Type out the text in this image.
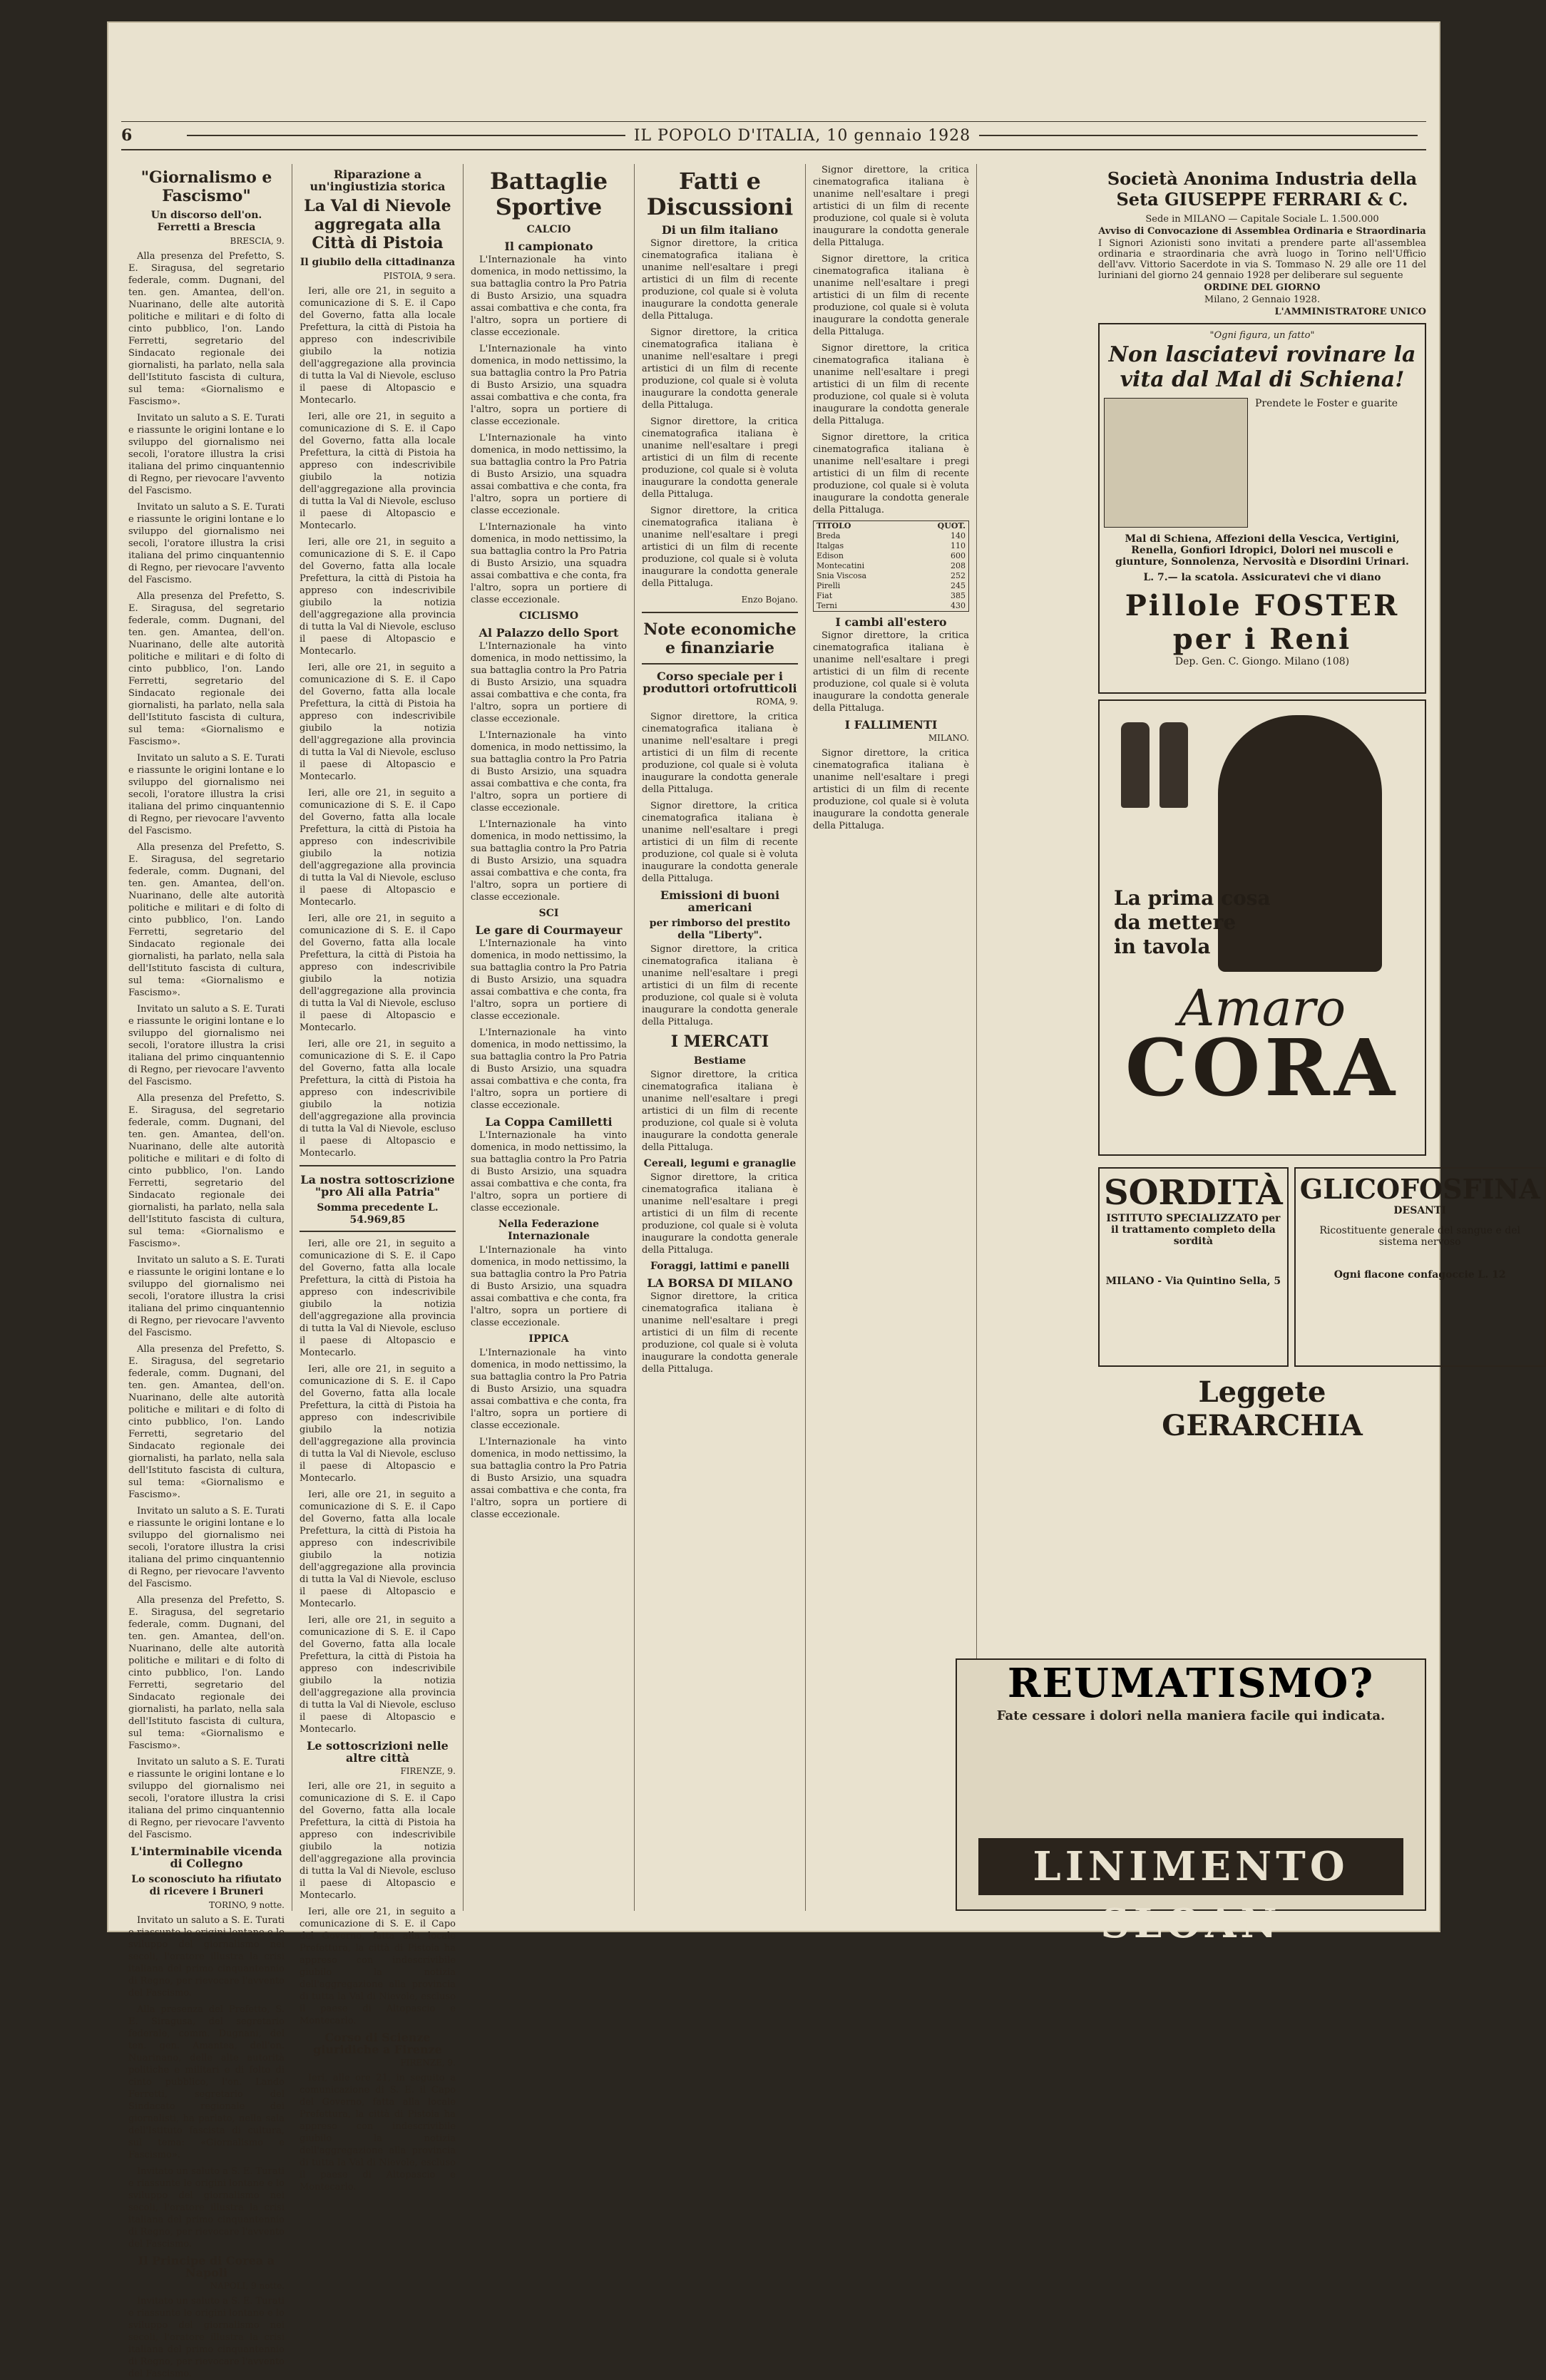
6	IL POPOLO D'ITALIA, 10 gennaio 1928
"Giornalismo e Fascismo"
Un discorso dell'on. Ferretti a Brescia
BRESCIA, 9.

Alla presenza del Prefetto, S. E. Siragusa, del segretario federale, comm. Dugnani, del ten. gen. Amantea, dell'on. Nuarinano, delle alte autorità politiche e militari e di folto di cinto pubblico, l'on. Lando Ferretti, segretario del Sindacato regionale dei giornalisti, ha parlato, nella sala dell'Istituto fascista di cultura, sul tema: «Giornalismo e Fascismo».

Invitato un saluto a S. E. Turati e riassunte le origini lontane e lo sviluppo del giornalismo nei secoli, l'oratore illustra la crisi italiana del primo cinquantennio di Regno, per rievocare l'avvento del Fascismo.

Invitato un saluto a S. E. Turati e riassunte le origini lontane e lo sviluppo del giornalismo nei secoli, l'oratore illustra la crisi italiana del primo cinquantennio di Regno, per rievocare l'avvento del Fascismo.

Alla presenza del Prefetto, S. E. Siragusa, del segretario federale, comm. Dugnani, del ten. gen. Amantea, dell'on. Nuarinano, delle alte autorità politiche e militari e di folto di cinto pubblico, l'on. Lando Ferretti, segretario del Sindacato regionale dei giornalisti, ha parlato, nella sala dell'Istituto fascista di cultura, sul tema: «Giornalismo e Fascismo».

Invitato un saluto a S. E. Turati e riassunte le origini lontane e lo sviluppo del giornalismo nei secoli, l'oratore illustra la crisi italiana del primo cinquantennio di Regno, per rievocare l'avvento del Fascismo.

Alla presenza del Prefetto, S. E. Siragusa, del segretario federale, comm. Dugnani, del ten. gen. Amantea, dell'on. Nuarinano, delle alte autorità politiche e militari e di folto di cinto pubblico, l'on. Lando Ferretti, segretario del Sindacato regionale dei giornalisti, ha parlato, nella sala dell'Istituto fascista di cultura, sul tema: «Giornalismo e Fascismo».

Invitato un saluto a S. E. Turati e riassunte le origini lontane e lo sviluppo del giornalismo nei secoli, l'oratore illustra la crisi italiana del primo cinquantennio di Regno, per rievocare l'avvento del Fascismo.

Alla presenza del Prefetto, S. E. Siragusa, del segretario federale, comm. Dugnani, del ten. gen. Amantea, dell'on. Nuarinano, delle alte autorità politiche e militari e di folto di cinto pubblico, l'on. Lando Ferretti, segretario del Sindacato regionale dei giornalisti, ha parlato, nella sala dell'Istituto fascista di cultura, sul tema: «Giornalismo e Fascismo».

Invitato un saluto a S. E. Turati e riassunte le origini lontane e lo sviluppo del giornalismo nei secoli, l'oratore illustra la crisi italiana del primo cinquantennio di Regno, per rievocare l'avvento del Fascismo.

Alla presenza del Prefetto, S. E. Siragusa, del segretario federale, comm. Dugnani, del ten. gen. Amantea, dell'on. Nuarinano, delle alte autorità politiche e militari e di folto di cinto pubblico, l'on. Lando Ferretti, segretario del Sindacato regionale dei giornalisti, ha parlato, nella sala dell'Istituto fascista di cultura, sul tema: «Giornalismo e Fascismo».

Invitato un saluto a S. E. Turati e riassunte le origini lontane e lo sviluppo del giornalismo nei secoli, l'oratore illustra la crisi italiana del primo cinquantennio di Regno, per rievocare l'avvento del Fascismo.

Alla presenza del Prefetto, S. E. Siragusa, del segretario federale, comm. Dugnani, del ten. gen. Amantea, dell'on. Nuarinano, delle alte autorità politiche e militari e di folto di cinto pubblico, l'on. Lando Ferretti, segretario del Sindacato regionale dei giornalisti, ha parlato, nella sala dell'Istituto fascista di cultura, sul tema: «Giornalismo e Fascismo».

Invitato un saluto a S. E. Turati e riassunte le origini lontane e lo sviluppo del giornalismo nei secoli, l'oratore illustra la crisi italiana del primo cinquantennio di Regno, per rievocare l'avvento del Fascismo.

L'interminabile vicenda di Collegno
Lo sconosciuto ha rifiutato di ricevere i Bruneri
TORINO, 9 notte.

Invitato un saluto a S. E. Turati e riassunte le origini lontane e lo sviluppo del giornalismo nei secoli, l'oratore illustra la crisi italiana del primo cinquantennio di Regno, per rievocare l'avvento del Fascismo.

Alla presenza del Prefetto, S. E. Siragusa, del segretario federale, comm. Dugnani, del ten. gen. Amantea, dell'on. Nuarinano, delle alte autorità politiche e militari e di folto di cinto pubblico, l'on. Lando Ferretti, segretario del Sindacato regionale dei giornalisti, ha parlato, nella sala dell'Istituto fascista di cultura, sul tema: «Giornalismo e Fascismo».

Invitato un saluto a S. E. Turati e riassunte le origini lontane e lo sviluppo del giornalismo nei secoli, l'oratore illustra la crisi italiana del primo cinquantennio di Regno, per rievocare l'avvento del Fascismo.

Il Principe di Corea a Napoli
NAPOLI, 9 notte.

Invitato un saluto a S. E. Turati e riassunte le origini lontane e lo sviluppo del giornalismo nei secoli, l'oratore illustra la crisi italiana del primo cinquantennio di Regno, per rievocare l'avvento del Fascismo.

Riparazione a un'ingiustizia storica
La Val di Nievole aggregata alla Città di Pistoia
Il giubilo della cittadinanza
PISTOIA, 9 sera.

Ieri, alle ore 21, in seguito a comunicazione di S. E. il Capo del Governo, fatta alla locale Prefettura, la città di Pistoia ha appreso con indescrivibile giubilo la notizia dell'aggregazione alla provincia di tutta la Val di Nievole, escluso il paese di Altopascio e Montecarlo.

Ieri, alle ore 21, in seguito a comunicazione di S. E. il Capo del Governo, fatta alla locale Prefettura, la città di Pistoia ha appreso con indescrivibile giubilo la notizia dell'aggregazione alla provincia di tutta la Val di Nievole, escluso il paese di Altopascio e Montecarlo.

Ieri, alle ore 21, in seguito a comunicazione di S. E. il Capo del Governo, fatta alla locale Prefettura, la città di Pistoia ha appreso con indescrivibile giubilo la notizia dell'aggregazione alla provincia di tutta la Val di Nievole, escluso il paese di Altopascio e Montecarlo.

Ieri, alle ore 21, in seguito a comunicazione di S. E. il Capo del Governo, fatta alla locale Prefettura, la città di Pistoia ha appreso con indescrivibile giubilo la notizia dell'aggregazione alla provincia di tutta la Val di Nievole, escluso il paese di Altopascio e Montecarlo.

Ieri, alle ore 21, in seguito a comunicazione di S. E. il Capo del Governo, fatta alla locale Prefettura, la città di Pistoia ha appreso con indescrivibile giubilo la notizia dell'aggregazione alla provincia di tutta la Val di Nievole, escluso il paese di Altopascio e Montecarlo.

Ieri, alle ore 21, in seguito a comunicazione di S. E. il Capo del Governo, fatta alla locale Prefettura, la città di Pistoia ha appreso con indescrivibile giubilo la notizia dell'aggregazione alla provincia di tutta la Val di Nievole, escluso il paese di Altopascio e Montecarlo.

Ieri, alle ore 21, in seguito a comunicazione di S. E. il Capo del Governo, fatta alla locale Prefettura, la città di Pistoia ha appreso con indescrivibile giubilo la notizia dell'aggregazione alla provincia di tutta la Val di Nievole, escluso il paese di Altopascio e Montecarlo.

La nostra sottoscrizione "pro Ali alla Patria"
Somma precedente L. 54.969,85

Ieri, alle ore 21, in seguito a comunicazione di S. E. il Capo del Governo, fatta alla locale Prefettura, la città di Pistoia ha appreso con indescrivibile giubilo la notizia dell'aggregazione alla provincia di tutta la Val di Nievole, escluso il paese di Altopascio e Montecarlo.

Ieri, alle ore 21, in seguito a comunicazione di S. E. il Capo del Governo, fatta alla locale Prefettura, la città di Pistoia ha appreso con indescrivibile giubilo la notizia dell'aggregazione alla provincia di tutta la Val di Nievole, escluso il paese di Altopascio e Montecarlo.

Ieri, alle ore 21, in seguito a comunicazione di S. E. il Capo del Governo, fatta alla locale Prefettura, la città di Pistoia ha appreso con indescrivibile giubilo la notizia dell'aggregazione alla provincia di tutta la Val di Nievole, escluso il paese di Altopascio e Montecarlo.

Ieri, alle ore 21, in seguito a comunicazione di S. E. il Capo del Governo, fatta alla locale Prefettura, la città di Pistoia ha appreso con indescrivibile giubilo la notizia dell'aggregazione alla provincia di tutta la Val di Nievole, escluso il paese di Altopascio e Montecarlo.

Le sottoscrizioni nelle altre città
FIRENZE, 9.

Ieri, alle ore 21, in seguito a comunicazione di S. E. il Capo del Governo, fatta alla locale Prefettura, la città di Pistoia ha appreso con indescrivibile giubilo la notizia dell'aggregazione alla provincia di tutta la Val di Nievole, escluso il paese di Altopascio e Montecarlo.

Ieri, alle ore 21, in seguito a comunicazione di S. E. il Capo del Governo, fatta alla locale Prefettura, la città di Pistoia ha appreso con indescrivibile giubilo la notizia dell'aggregazione alla provincia di tutta la Val di Nievole, escluso il paese di Altopascio e Montecarlo.

Corso di Scienze giuridiche a Firenze
FIRENZE, 9.

Ieri, alle ore 21, in seguito a comunicazione di S. E. il Capo del Governo, fatta alla locale Prefettura, la città di Pistoia ha appreso con indescrivibile giubilo la notizia dell'aggregazione alla provincia di tutta la Val di Nievole, escluso il paese di Altopascio e Montecarlo.

Battaglie Sportive
CALCIO
Il campionato

L'Internazionale ha vinto domenica, in modo nettissimo, la sua battaglia contro la Pro Patria di Busto Arsizio, una squadra assai combattiva e che conta, fra l'altro, sopra un portiere di classe eccezionale.

L'Internazionale ha vinto domenica, in modo nettissimo, la sua battaglia contro la Pro Patria di Busto Arsizio, una squadra assai combattiva e che conta, fra l'altro, sopra un portiere di classe eccezionale.

L'Internazionale ha vinto domenica, in modo nettissimo, la sua battaglia contro la Pro Patria di Busto Arsizio, una squadra assai combattiva e che conta, fra l'altro, sopra un portiere di classe eccezionale.

L'Internazionale ha vinto domenica, in modo nettissimo, la sua battaglia contro la Pro Patria di Busto Arsizio, una squadra assai combattiva e che conta, fra l'altro, sopra un portiere di classe eccezionale.

CICLISMO
Al Palazzo dello Sport

L'Internazionale ha vinto domenica, in modo nettissimo, la sua battaglia contro la Pro Patria di Busto Arsizio, una squadra assai combattiva e che conta, fra l'altro, sopra un portiere di classe eccezionale.

L'Internazionale ha vinto domenica, in modo nettissimo, la sua battaglia contro la Pro Patria di Busto Arsizio, una squadra assai combattiva e che conta, fra l'altro, sopra un portiere di classe eccezionale.

L'Internazionale ha vinto domenica, in modo nettissimo, la sua battaglia contro la Pro Patria di Busto Arsizio, una squadra assai combattiva e che conta, fra l'altro, sopra un portiere di classe eccezionale.

SCI
Le gare di Courmayeur

L'Internazionale ha vinto domenica, in modo nettissimo, la sua battaglia contro la Pro Patria di Busto Arsizio, una squadra assai combattiva e che conta, fra l'altro, sopra un portiere di classe eccezionale.

L'Internazionale ha vinto domenica, in modo nettissimo, la sua battaglia contro la Pro Patria di Busto Arsizio, una squadra assai combattiva e che conta, fra l'altro, sopra un portiere di classe eccezionale.

La Coppa Camilletti

L'Internazionale ha vinto domenica, in modo nettissimo, la sua battaglia contro la Pro Patria di Busto Arsizio, una squadra assai combattiva e che conta, fra l'altro, sopra un portiere di classe eccezionale.

Nella Federazione Internazionale

L'Internazionale ha vinto domenica, in modo nettissimo, la sua battaglia contro la Pro Patria di Busto Arsizio, una squadra assai combattiva e che conta, fra l'altro, sopra un portiere di classe eccezionale.

IPPICA

L'Internazionale ha vinto domenica, in modo nettissimo, la sua battaglia contro la Pro Patria di Busto Arsizio, una squadra assai combattiva e che conta, fra l'altro, sopra un portiere di classe eccezionale.

L'Internazionale ha vinto domenica, in modo nettissimo, la sua battaglia contro la Pro Patria di Busto Arsizio, una squadra assai combattiva e che conta, fra l'altro, sopra un portiere di classe eccezionale.

Fatti e Discussioni
Di un film italiano

Signor direttore, la critica cinematografica italiana è unanime nell'esaltare i pregi artistici di un film di recente produzione, col quale si è voluta inaugurare la condotta generale della Pittaluga.

Signor direttore, la critica cinematografica italiana è unanime nell'esaltare i pregi artistici di un film di recente produzione, col quale si è voluta inaugurare la condotta generale della Pittaluga.

Signor direttore, la critica cinematografica italiana è unanime nell'esaltare i pregi artistici di un film di recente produzione, col quale si è voluta inaugurare la condotta generale della Pittaluga.

Signor direttore, la critica cinematografica italiana è unanime nell'esaltare i pregi artistici di un film di recente produzione, col quale si è voluta inaugurare la condotta generale della Pittaluga.

Enzo Bojano.
Note economiche e finanziarie
Corso speciale per i produttori ortofrutticoli
ROMA, 9.

Signor direttore, la critica cinematografica italiana è unanime nell'esaltare i pregi artistici di un film di recente produzione, col quale si è voluta inaugurare la condotta generale della Pittaluga.

Signor direttore, la critica cinematografica italiana è unanime nell'esaltare i pregi artistici di un film di recente produzione, col quale si è voluta inaugurare la condotta generale della Pittaluga.

Emissioni di buoni americani
per rimborso del prestito della "Liberty".

Signor direttore, la critica cinematografica italiana è unanime nell'esaltare i pregi artistici di un film di recente produzione, col quale si è voluta inaugurare la condotta generale della Pittaluga.

I MERCATI
Bestiame

Signor direttore, la critica cinematografica italiana è unanime nell'esaltare i pregi artistici di un film di recente produzione, col quale si è voluta inaugurare la condotta generale della Pittaluga.

Cereali, legumi e granaglie

Signor direttore, la critica cinematografica italiana è unanime nell'esaltare i pregi artistici di un film di recente produzione, col quale si è voluta inaugurare la condotta generale della Pittaluga.

Foraggi, lattimi e panelli
LA BORSA DI MILANO

Signor direttore, la critica cinematografica italiana è unanime nell'esaltare i pregi artistici di un film di recente produzione, col quale si è voluta inaugurare la condotta generale della Pittaluga.

Signor direttore, la critica cinematografica italiana è unanime nell'esaltare i pregi artistici di un film di recente produzione, col quale si è voluta inaugurare la condotta generale della Pittaluga.

Signor direttore, la critica cinematografica italiana è unanime nell'esaltare i pregi artistici di un film di recente produzione, col quale si è voluta inaugurare la condotta generale della Pittaluga.

Signor direttore, la critica cinematografica italiana è unanime nell'esaltare i pregi artistici di un film di recente produzione, col quale si è voluta inaugurare la condotta generale della Pittaluga.

Signor direttore, la critica cinematografica italiana è unanime nell'esaltare i pregi artistici di un film di recente produzione, col quale si è voluta inaugurare la condotta generale della Pittaluga.

TITOLO	QUOT.
Breda	140
Italgas	110
Edison	600
Montecatini	208
Snia Viscosa	252
Pirelli	245
Fiat	385
Terni	430
I cambi all'estero

Signor direttore, la critica cinematografica italiana è unanime nell'esaltare i pregi artistici di un film di recente produzione, col quale si è voluta inaugurare la condotta generale della Pittaluga.

I FALLIMENTI
MILANO.

Signor direttore, la critica cinematografica italiana è unanime nell'esaltare i pregi artistici di un film di recente produzione, col quale si è voluta inaugurare la condotta generale della Pittaluga.

Società Anonima Industria della Seta GIUSEPPE FERRARI & C.
Sede in MILANO — Capitale Sociale L. 1.500.000
Avviso di Convocazione di Assemblea Ordinaria e Straordinaria
I Signori Azionisti sono invitati a prendere parte all'assemblea ordinaria e straordinaria che avrà luogo in Torino nell'Ufficio dell'avv. Vittorio Sacerdote in via S. Tommaso N. 29 alle ore 11 del luriniani del giorno 24 gennaio 1928 per deliberare sul seguente
ORDINE DEL GIORNO
Milano, 2 Gennaio 1928.
L'AMMINISTRATORE UNICO
"Ogni figura, un fatto"
Non lasciatevi rovinare la vita dal Mal di Schiena!
Prendete le Foster e guarite
Mal di Schiena, Affezioni della Vescica, Vertigini, Renella, Gonfiori Idropici, Dolori nei muscoli e giunture, Sonnolenza, Nervosità e Disordini Urinari.
L. 7.— la scatola. Assicuratevi che vi diano
Pillole FOSTER per i Reni
Dep. Gen. C. Giongo. Milano (108)
La prima cosa
da mettere
in tavola
Amaro
CORA
SORDITÀ
ISTITUTO SPECIALIZZATO per il trattamento completo della sordità
MILANO - Via Quintino Sella, 5
GLICOFOSFINA
DESANTI
Ricostituente generale del sangue e del sistema nervoso
Ogni flacone confagoccie L. 12
Leggete GERARCHIA
REUMATISMO?
Fate cessare i dolori nella maniera facile qui indicata.
LINIMENTO SLOAN
